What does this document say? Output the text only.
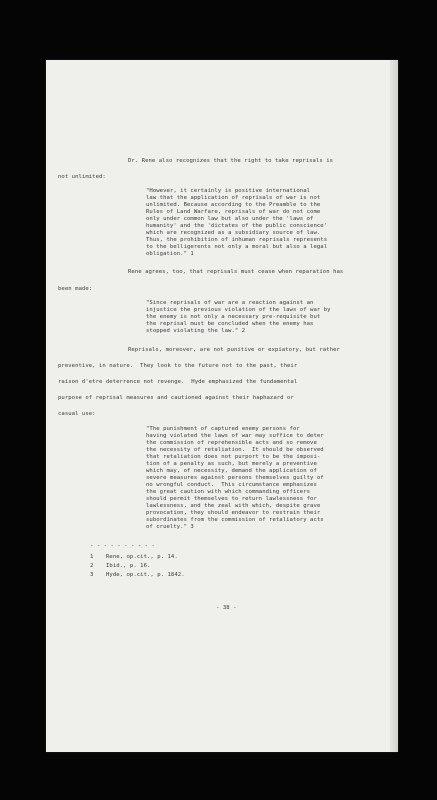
Dr. Rene also recognizes that the right to take reprisals is
not unlimited:
"However, it certainly is positive international
law that the application of reprisals of war is not
unlimited. Because according to the Preamble to the
Rules of Land Warfare, reprisals of war do not come
only under common law but also under the 'laws of
humanity' and the 'dictates of the public conscience'
which are recognized as a subsidiary source of law.
Thus, the prohibition of inhuman reprisals represents
to the belligerents not only a moral but also a legal
obligation." 1
Rene agrees, too, that reprisals must cease when reparation has
been made:
"Since reprisals of war are a reaction against an
injustice the previous violation of the laws of war by
the enemy is not only a necessary pre-requisite but
the reprisal must be concluded when the enemy has
stopped violating the law." 2
Reprisals, moreover, are not punitive or expiatory, but rather
preventive, in nature.  They look to the future not to the past, their
raison d'etre deterrence not revenge.  Hyde emphasized the fundamental
purpose of reprisal measures and cautioned against their haphazard or
casual use:
"The punishment of captured enemy persons for
having violated the laws of war may suffice to deter
the commission of reprehensible acts and so remove
the necessity of retaliation.  It should be observed
that retaliation does not purport to be the imposi-
tion of a penalty as such, but merely a preventive
which may, of necessity, demand the application of
severe measures against persons themselves guilty of
no wrongful conduct.  This circumstance emphasizes
the great caution with which commanding officers
should permit themselves to return lawlessness for
lawlessness, and the zeal with which, despite grave
provocation, they should endeavor to restrain their
subordinates from the commission of retaliatory acts
of cruelty." 3
- - - - - - - - - -
1 Rene, op.cit., p. 14.
2 Ibid., p. 16.
3 Hyde, op.cit., p. 1842.
- 38 -
